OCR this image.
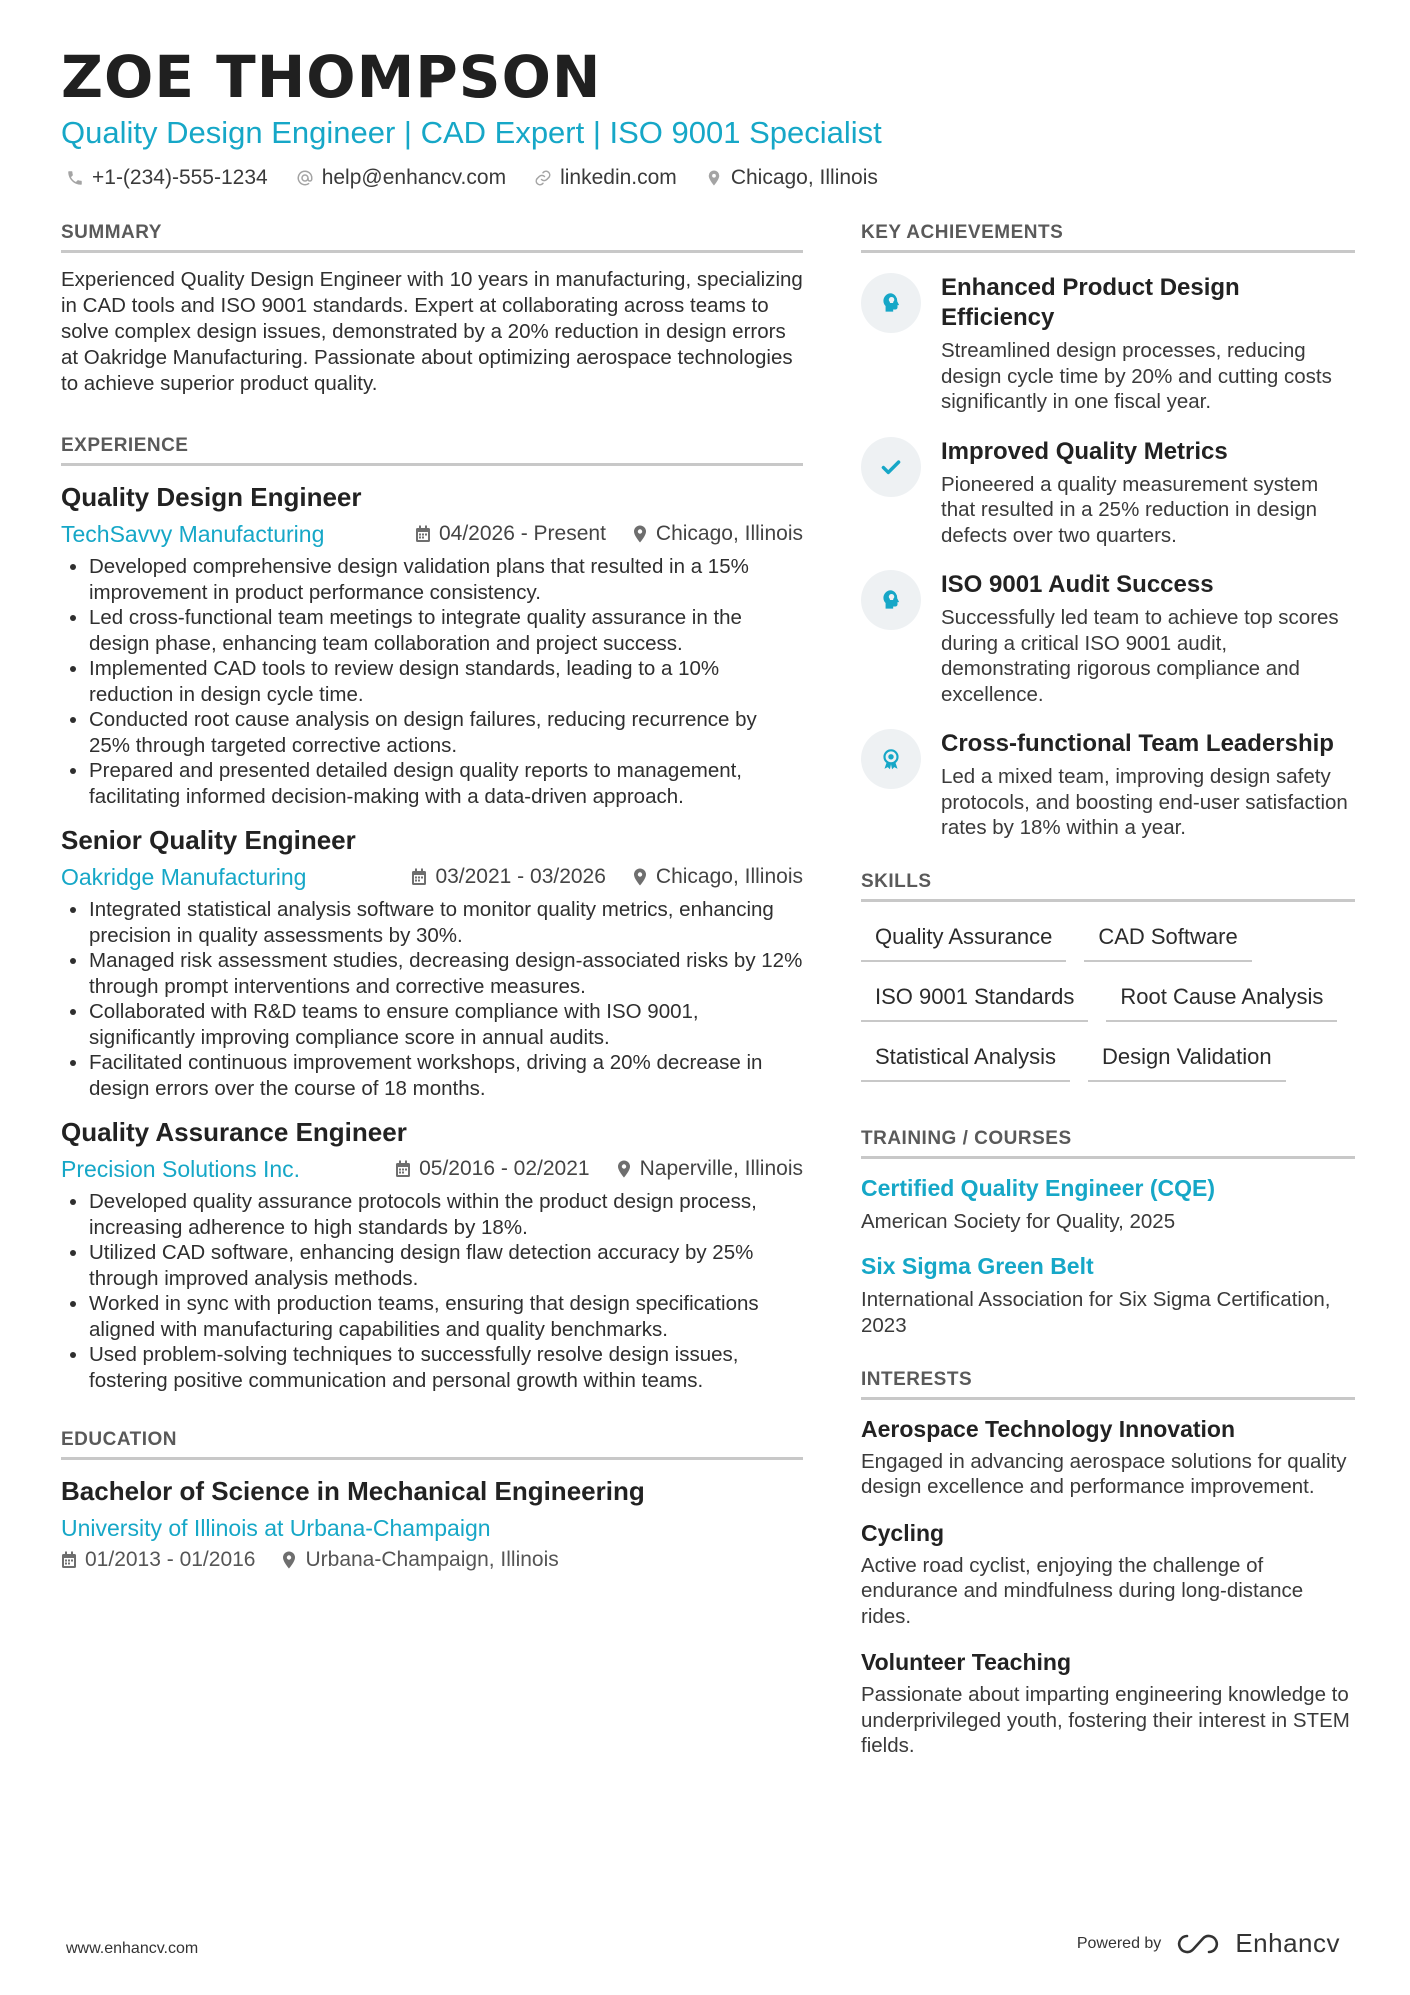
ZOE THOMPSON

Quality Design Engineer | CAD Expert | ISO 9001 Specialist

+1-(234)-555-1234	help@enhancv.com	linkedin.com	Chicago, Illinois
SUMMARY

Experienced Quality Design Engineer with 10 years in manufacturing, specializing in CAD tools and ISO 9001 standards. Expert at collaborating across teams to solve complex design issues, demonstrated by a 20% reduction in design errors at Oakridge Manufacturing. Passionate about optimizing aerospace technologies to achieve superior product quality.

EXPERIENCE
Quality Design Engineer
TechSavvy Manufacturing	04/2026 - Present Chicago, Illinois
• Developed comprehensive design validation plans that resulted in a 15% improvement in product performance consistency.
• Led cross-functional team meetings to integrate quality assurance in the design phase, enhancing team collaboration and project success.
• Implemented CAD tools to review design standards, leading to a 10% reduction in design cycle time.
• Conducted root cause analysis on design failures, reducing recurrence by 25% through targeted corrective actions.
• Prepared and presented detailed design quality reports to management, facilitating informed decision-making with a data-driven approach.
Senior Quality Engineer
Oakridge Manufacturing	03/2021 - 03/2026 Chicago, Illinois
• Integrated statistical analysis software to monitor quality metrics, enhancing precision in quality assessments by 30%.
• Managed risk assessment studies, decreasing design-associated risks by 12% through prompt interventions and corrective measures.
• Collaborated with R&D teams to ensure compliance with ISO 9001, significantly improving compliance score in annual audits.
• Facilitated continuous improvement workshops, driving a 20% decrease in design errors over the course of 18 months.
Quality Assurance Engineer
Precision Solutions Inc.	05/2016 - 02/2021 Naperville, Illinois
• Developed quality assurance protocols within the product design process, increasing adherence to high standards by 18%.
• Utilized CAD software, enhancing design flaw detection accuracy by 25% through improved analysis methods.
• Worked in sync with production teams, ensuring that design specifications aligned with manufacturing capabilities and quality benchmarks.
• Used problem-solving techniques to successfully resolve design issues, fostering positive communication and personal growth within teams.
EDUCATION
Bachelor of Science in Mechanical Engineering

University of Illinois at Urbana-Champaign

01/2013 - 01/2016 Urbana-Champaign, Illinois
KEY ACHIEVEMENTS
Enhanced Product Design Efficiency

Streamlined design processes, reducing design cycle time by 20% and cutting costs significantly in one fiscal year.

Improved Quality Metrics

Pioneered a quality measurement system that resulted in a 25% reduction in design defects over two quarters.

ISO 9001 Audit Success

Successfully led team to achieve top scores during a critical ISO 9001 audit, demonstrating rigorous compliance and excellence.

Cross-functional Team Leadership

Led a mixed team, improving design safety protocols, and boosting end-user satisfaction rates by 18% within a year.

SKILLS
Quality Assurance	CAD Software
ISO 9001 Standards	Root Cause Analysis
Statistical Analysis	Design Validation
TRAINING / COURSES
Certified Quality Engineer (CQE)

American Society for Quality, 2025

Six Sigma Green Belt

International Association for Six Sigma Certification, 2023

INTERESTS
Aerospace Technology Innovation

Engaged in advancing aerospace solutions for quality design excellence and performance improvement.

Cycling

Active road cyclist, enjoying the challenge of endurance and mindfulness during long-distance rides.

Volunteer Teaching

Passionate about imparting engineering knowledge to underprivileged youth, fostering their interest in STEM fields.

www.enhancv.com	Powered by	Enhancv
